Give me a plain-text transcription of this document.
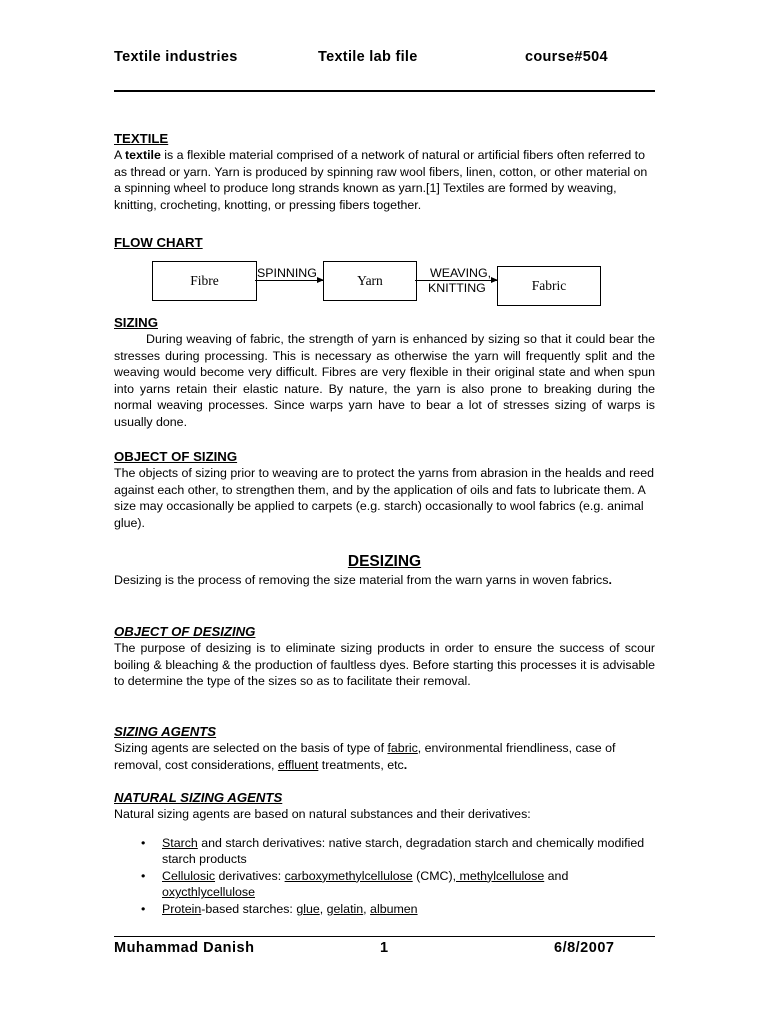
Textile industries	Textile lab file	course#504

TEXTILE

A textile is a flexible material comprised of a network of natural or artificial fibers often referred to as thread or yarn. Yarn is produced by spinning raw wool fibers, linen, cotton, or other material on a spinning wheel to produce long strands known as yarn.[1] Textiles are formed by weaving, knitting, crocheting, knotting, or pressing fibers together.

FLOW CHART

Fibre	SPINNING	Yarn	WEAVING,
KNITTING	Fabric

SIZING

During weaving of fabric, the strength of yarn is enhanced by sizing so that it could bear the stresses during processing. This is necessary as otherwise the yarn will frequently split and the weaving would become very difficult. Fibres are very flexible in their original state and when spun into yarns retain their elastic nature. By nature, the yarn is also prone to breaking during the normal weaving processes. Since warps yarn have to bear a lot of stresses sizing of warps is usually done.

OBJECT OF SIZING

The objects of sizing prior to weaving are to protect the yarns from abrasion in the healds and reed against each other, to strengthen them, and by the application of oils and fats to lubricate them. A size may occasionally be applied to carpets (e.g. starch) occasionally to wool fabrics (e.g. animal glue).

DESIZING

Desizing is the process of removing the size material from the warn yarns in woven fabrics.

OBJECT OF DESIZING

The purpose of desizing is to eliminate sizing products in order to ensure the success of scour boiling & bleaching & the production of faultless dyes. Before starting this processes it is advisable to determine the type of the sizes so as to facilitate their removal.

SIZING AGENTS

Sizing agents are selected on the basis of type of fabric, environmental friendliness, case of removal, cost considerations, effluent treatments, etc.

NATURAL SIZING AGENTS

Natural sizing agents are based on natural substances and their derivatives:

• Starch and starch derivatives: native starch, degradation starch and chemically modified starch products
• Cellulosic derivatives: carboxymethylcellulose (CMC), methylcellulose and oxycthlycellulose
• Protein-based starches: glue, gelatin, albumen
Muhammad Danish	1	6/8/2007
